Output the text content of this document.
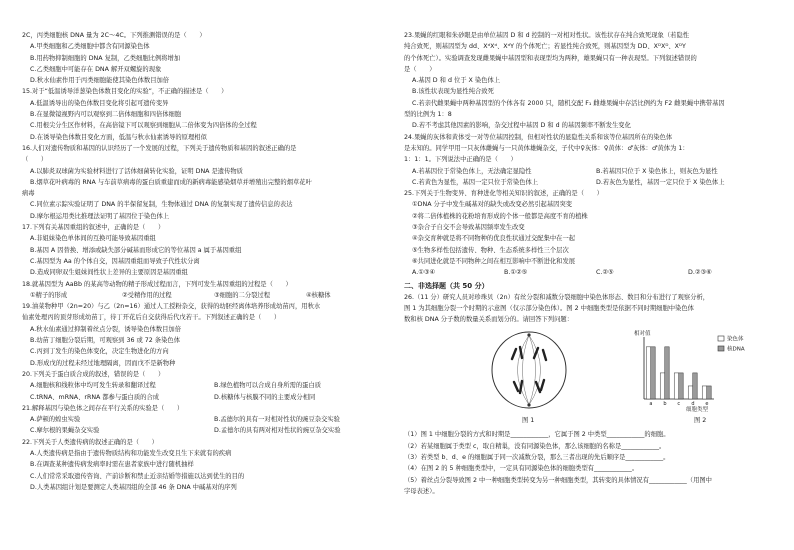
2C，丙类细胞核 DNA 量为 2C～4C。下列推测错误的是（　　）
A.甲类细胞和乙类细胞中都含有同源染色体
B.用药物抑制细胞的 DNA 复制，乙类细胞比例将增加
C.乙类细胞中可能存在 DNA 解开双螺旋的现象
D.秋水仙素作用于丙类细胞能使其染色体数目加倍
15.对于“低温诱导洋葱染色体数目变化的实验”，不正确的描述是（　　）
A.低温诱导出的染色体数目变化将引起可遗传变异
B.在显微镜视野内可以观察到二倍体细胞和四倍体细胞
C.用根尖分生区作材料，在高倍镜下可以观察到细胞从二倍体变为四倍体的全过程
D.在诱导染色体数目变化方面，低温与秋水仙素诱导的原理相似
16.人们对遗传物质和基因的认识经历了一个发展的过程，下列关于遗传物质和基因的叙述正确的是
（　　）
A.以肺炎双球菌为实验材料进行了活体细菌转化实验，证明 DNA 是遗传物质
B.烟草花叶病毒的 RNA 与车前草病毒的蛋白质重建而成的新病毒能感染烟草并增殖出完整的烟草花叶
病毒
C.同位素示踪实验证明了 DNA 的半保留复制，生物体通过 DNA 的复制实现了遗传信息的表达
D.摩尔根运用类比推理法证明了基因位于染色体上
17.下列有关基因重组的叙述中，正确的是（　　）
A.非姐妹染色单体间的互换可能导致基因重组
B.基因 A 因替换、增添或缺失部分碱基而形成它的等位基因 a 属于基因重组
C.基因型为 Aa 的个体自交，因基因重组而导致子代性状分离
D.造成同卵双生姐妹间性状上差异的主要原因是基因重组
18.就基因型为 AaBb 的某高等动物的精子形成过程而言，下列可发生基因重组的过程是（　　）
①精子的形成	②受精作用的过程	③细胞的二分裂过程	④核糖体
19.油菜物种甲（2n=20）与乙（2n=16）通过人工授粉杂交，获得的幼胚经离体培养形成幼苗丙，用秋水
仙素处理丙的顶芽形成幼苗丁，待丁开花后自交获得后代戊若干。下列叙述正确的是（　　）
A.秋水仙素通过抑制着丝点分裂，诱导染色体数目加倍
B.幼苗丁细胞分裂后期，可观察到 36 或 72 条染色体
C.丙到丁发生的染色体变化，决定生物进化的方向
D.形成戊的过程未经过地理隔离，因而戊不是新物种
20.下列关于蛋白质合成的叙述，错误的是（　　）
A.细胞核和线粒体中均可发生转录和翻译过程	B.绿色植物可以合成自身所需的蛋白质
C.tRNA、mRNA、rRNA 都参与蛋白质的合成	D.核糖体与核膜不同的主要成分相同
21.解释基因与染色体之间存在平行关系的实验是（　　）
A.萨顿的蝗虫实验	B.孟德尔的具有一对相对性状的豌豆杂交实验
C.摩尔根的果蝇杂交实验	D.孟德尔的具有两对相对性状的豌豆杂交实验
22.下列关于人类遗传病的叙述正确的是（　　）
A.人类遗传病是指由于遗传物质结构和功能发生改变且生下来就有的疾病
B.在调查某种遗传病发病率时需在患者家族中进行随机抽样
C.人们常常采取遗传咨询、产前诊断和禁止近亲结婚等措施以达到优生的目的
D.人类基因组计划是要测定人类基因组的全部 46 条 DNA 中碱基对的序列
23.果蝇的红眼和朱砂眼是由单位基因 D 和 d 控制的一对相对性状。该性状存在纯合致死现象（若隐性
纯合致死，则基因型为 dd、XᵈXᵈ、XᵈY 的个体死亡；若显性纯合致死，则基因型为 DD、XᴰXᴰ、XᴰY
的个体死亡）。实验调查发现雌果蝇中基因型和表现型均为两种，雄果蝇只有一种表现型。下列叙述错误的
是（　　）
A.基因 D 和 d 位于 X 染色体上
B.该性状表现为显性纯合致死
C.若亲代雌果蝇中两种基因型的个体各有 2000 只，随机交配 F₁ 雌雄果蝇中存活比例约为 F2 雌果蝇中携带基因
型的比例为 1：8
D.若不考虑其他因素的影响，杂交过程中基因 D 和 d 的基因频率不断发生变化
24.果蝇的灰体和黄体受一对等位基因控制，但相对性状的显隐性关系和该等位基因所在的染色体
是未知的。同学甲用一只灰体雌蝇与一只黄体雄蝇杂交，子代中♀灰体：♀黄体：♂灰体：♂黄体为 1：
1：1：1。下列说法中正确的是（　　）
A.若基因位于常染色体上，无法确定显隐性	B.若基因只位于 X 染色体上，则灰色为显性
C.若黄色为显性，基因一定只位于常染色体上	D.若灰色为显性，基因一定只位于 X 染色体上
25.下列关于生物变异、育种进化等相关知识的叙述，正确的是（　　）
①DNA 分子中发生碱基对的缺失或改变必然引起基因突变
②将二倍体植株的花粉培育形成的个体一般都是高度不育的植株
③杂合子自交不会导致基因频率发生改变
④杂交育种就是将不同物种的优良性状通过交配集中在一起
⑤生物多样性包括遗传、物种、生态系统多样性三个层次
⑥共同进化就是不同物种之间在相互影响中不断进化和发展
A.①③④	B.①②⑤	C.②⑤	D.②③⑥
二、非选择题（共 50 分）
26.（11 分）研究人员对珍珠贝（2n）有丝分裂和减数分裂细胞中染色体形态、数目和分布进行了观察分析，
图 1 为其细胞分裂一个时期的示意图（仅示部分染色体）。图 2 中细胞类型是依据不同时期细胞中染色体
数和核 DNA 分子数的数量关系而划分的。请回答下列问题：
相对值
细胞类型
染色体
核DNA
a b c d e
图 1	图 2
（1）图 1 中细胞分裂的方式和时期是____________，它属于图 2 中类型____________的细胞。
（2）若某细胞属于类型 c，取自精巢，没有同源染色体，那么该细胞的名称是____________。
（3）若类型 b、d、e 的细胞属于同一次减数分裂，那么三者出现的先后顺序是____________。
（4）在图 2 的 5 种细胞类型中，一定具有同源染色体的细胞类型有____________。
（5）着丝点分裂导致图 2 中一种细胞类型转变为另一种细胞类型，其转变的具体情况有____________（用图中
字母表述）。
